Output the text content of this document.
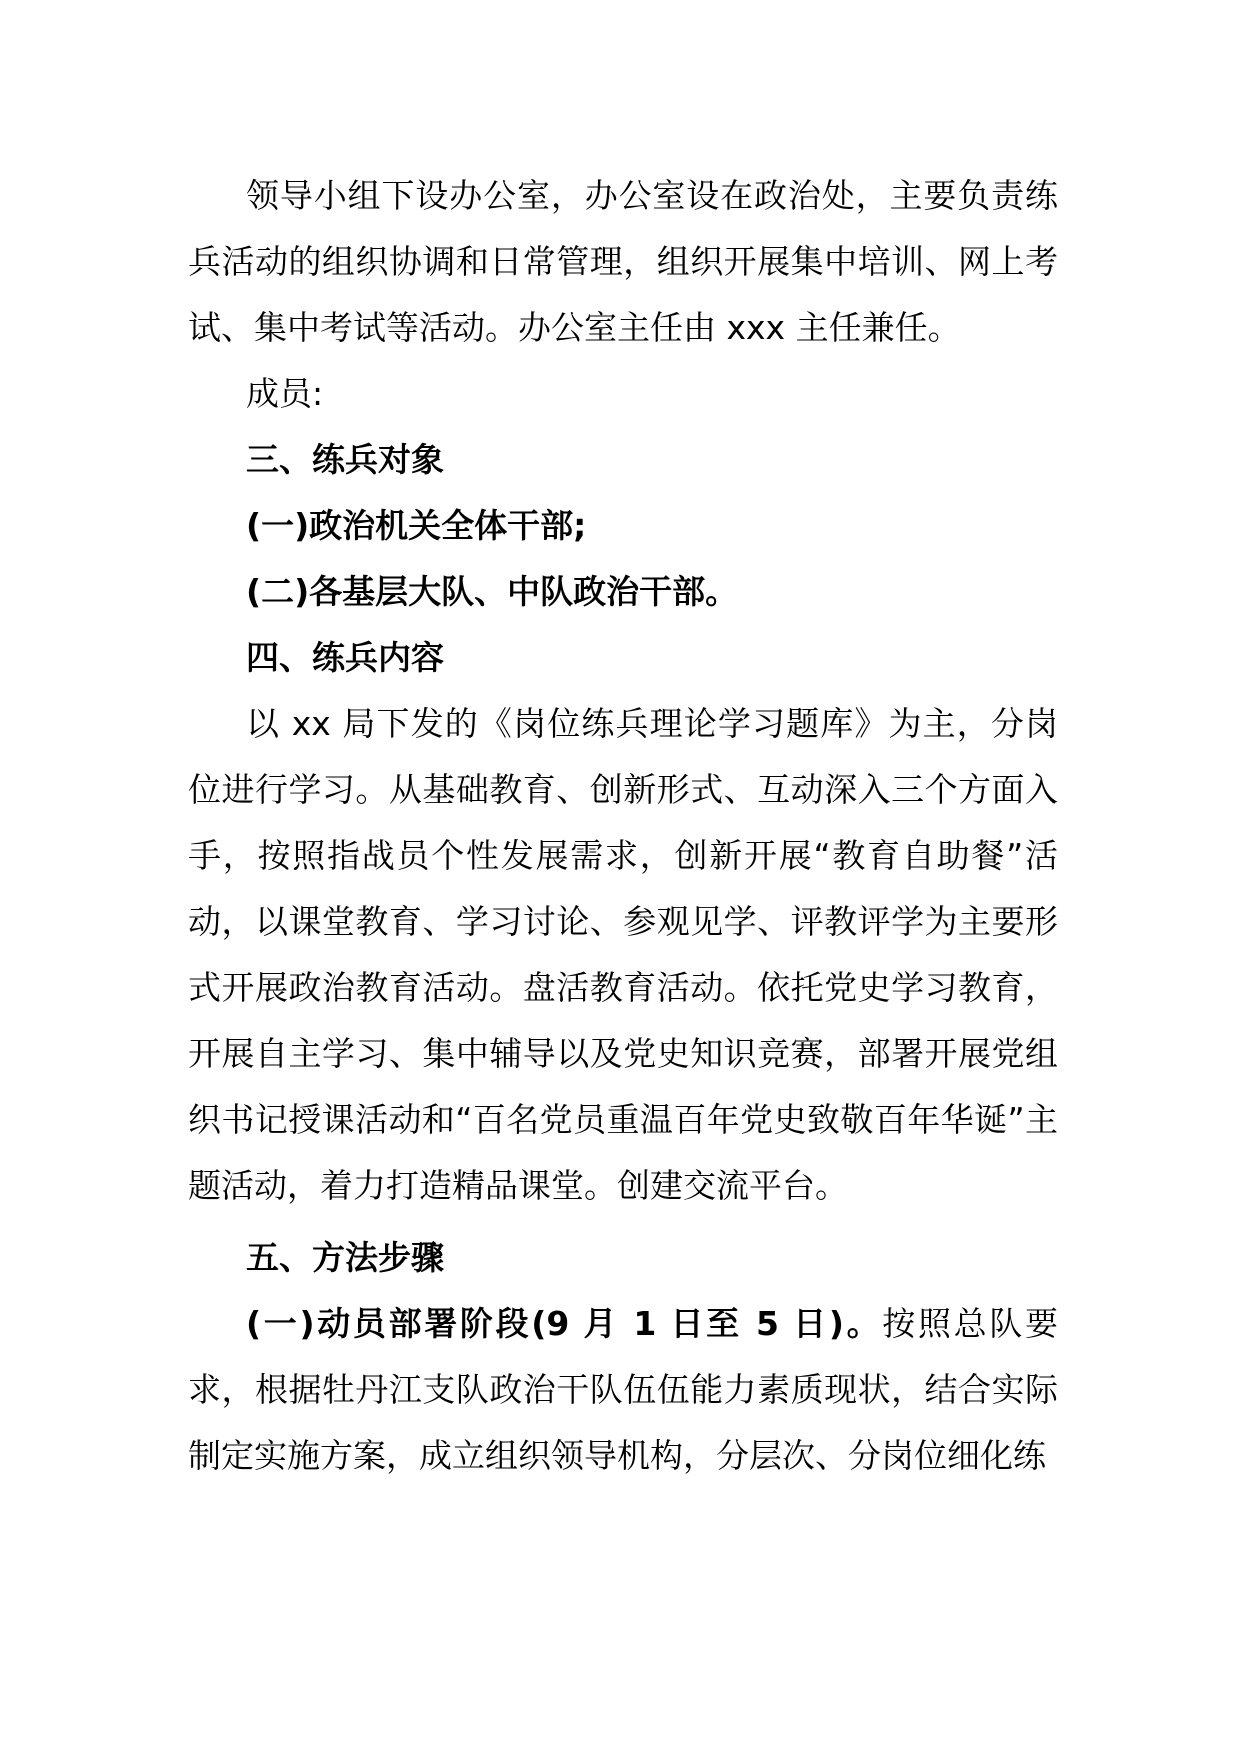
领导小组下设办公室，办公室设在政治处，主要负责练兵活动的组织协调和日常管理，组织开展集中培训、网上考试、集中考试等活动。办公室主任由 xxx 主任兼任。

成员:

三、练兵对象

(一)政治机关全体干部;

(二)各基层大队、中队政治干部。

四、练兵内容

以 xx 局下发的《岗位练兵理论学习题库》为主，分岗位进行学习。从基础教育、创新形式、互动深入三个方面入手，按照指战员个性发展需求，创新开展“教育自助餐”活动，以课堂教育、学习讨论、参观见学、评教评学为主要形式开展政治教育活动。盘活教育活动。依托党史学习教育，开展自主学习、集中辅导以及党史知识竞赛，部署开展党组织书记授课活动和“百名党员重温百年党史致敬百年华诞”主题活动，着力打造精品课堂。创建交流平台。

五、方法步骤

(一)动员部署阶段(9 月 1 日至 5 日)。按照总队要求，根据牡丹江支队政治干队伍伍能力素质现状，结合实际制定实施方案，成立组织领导机构，分层次、分岗位细化练
